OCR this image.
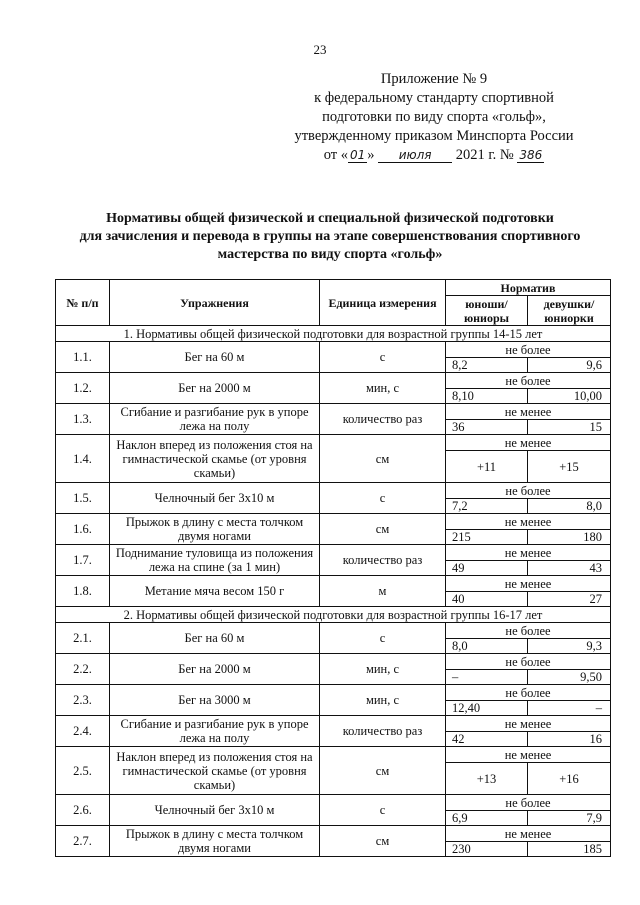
23
Приложение № 9
к федеральному стандарту спортивной
подготовки по виду спорта «гольф»,
утвержденному приказом Минспорта России
от « 01 » июля 2021 г. № 386
Нормативы общей физической и специальной физической подготовки
для зачисления и перевода в группы на этапе совершенствования спортивного
мастерства по виду спорта «гольф»
№ п/п	Упражнения	Единица измерения	Норматив	
			юноши/ юниоры	девушки/ юниорки
1. Нормативы общей физической подготовки для возрастной группы 14-15 лет				
1.1.	Бег на 60 м	с	не более	
			8,2	9,6
1.2.	Бег на 2000 м	мин, с	не более	
			8,10	10,00
1.3.	Сгибание и разгибание рук в упоре лежа на полу	количество раз	не менее	
			36	15
1.4.	Наклон вперед из положения стоя на гимнастической скамье (от уровня скамьи)	см	не менее	
			+11	+15
1.5.	Челночный бег 3х10 м	с	не более	
			7,2	8,0
1.6.	Прыжок в длину с места толчком двумя ногами	см	не менее	
			215	180
1.7.	Поднимание туловища из положения лежа на спине (за 1 мин)	количество раз	не менее	
			49	43
1.8.	Метание мяча весом 150 г	м	не менее	
			40	27
2. Нормативы общей физической подготовки для возрастной группы 16-17 лет				
2.1.	Бег на 60 м	с	не более	
			8,0	9,3
2.2.	Бег на 2000 м	мин, с	не более	
			–	9,50
2.3.	Бег на 3000 м	мин, с	не более	
			12,40	–
2.4.	Сгибание и разгибание рук в упоре лежа на полу	количество раз	не менее	
			42	16
2.5.	Наклон вперед из положения стоя на гимнастической скамье (от уровня скамьи)	см	не менее	
			+13	+16
2.6.	Челночный бег 3х10 м	с	не более	
			6,9	7,9
2.7.	Прыжок в длину с места толчком двумя ногами	см	не менее	
			230	185
